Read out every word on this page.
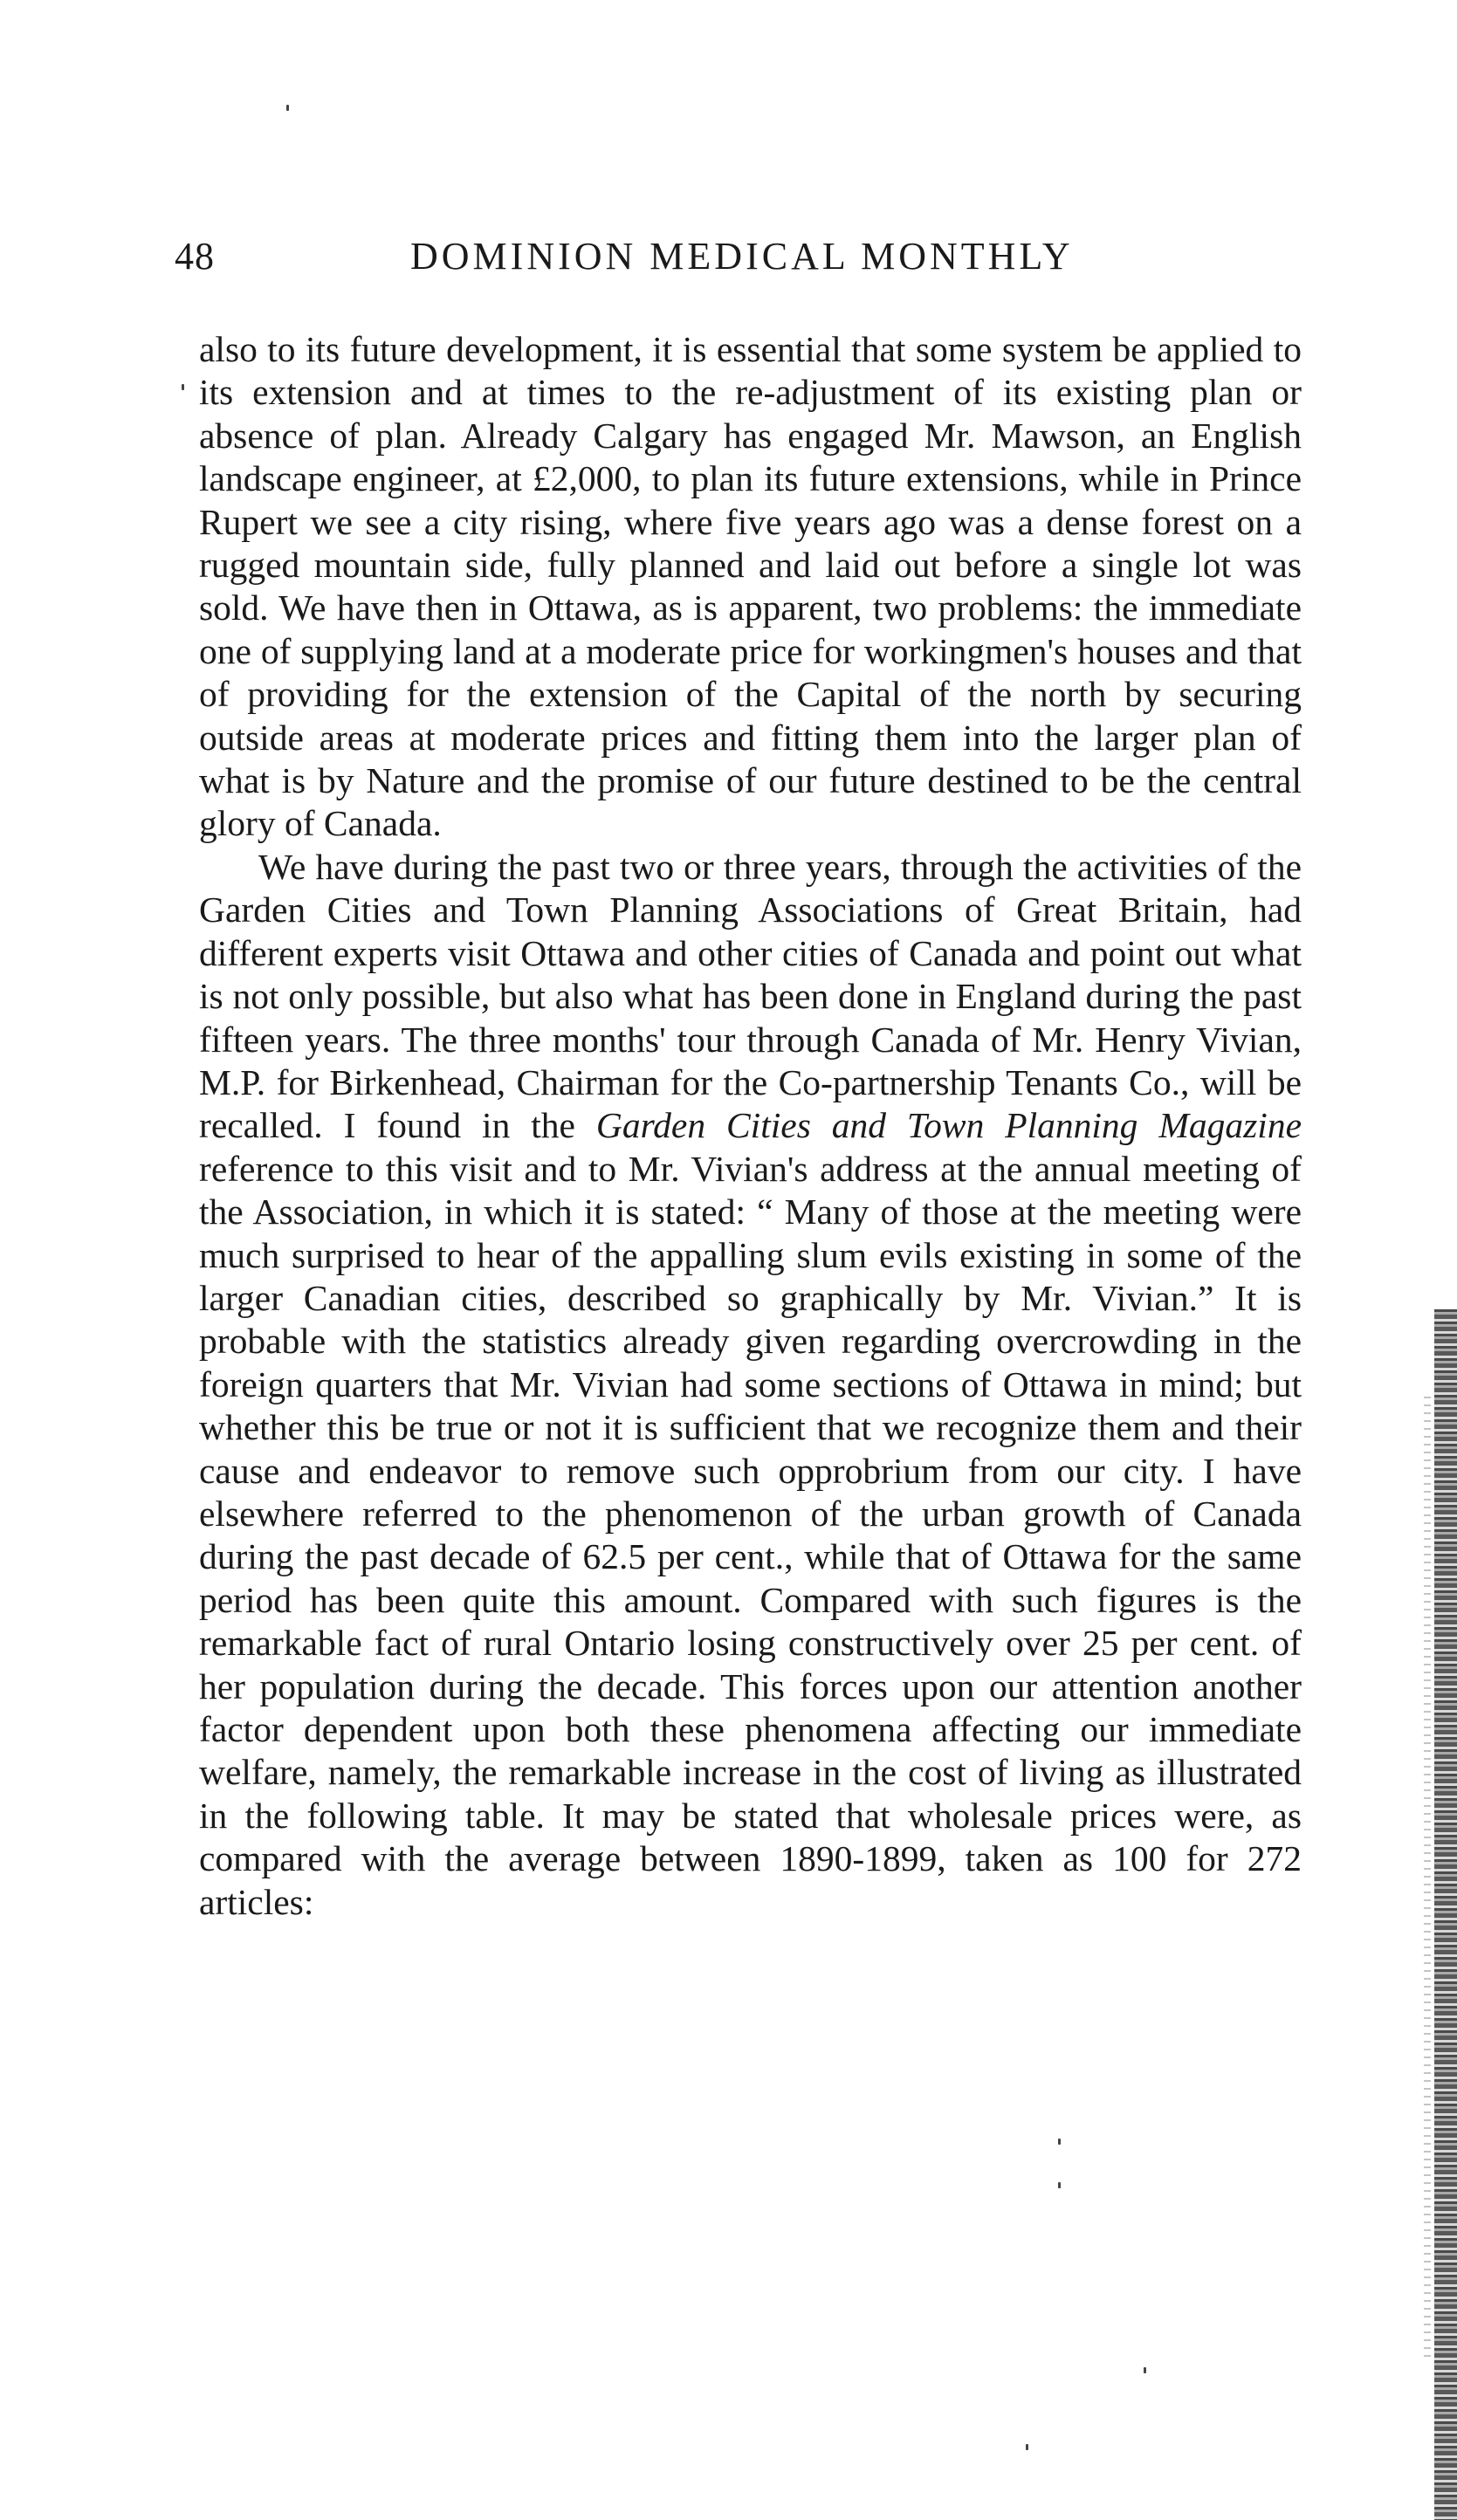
48	DOMINION MEDICAL MONTHLY

also to its future development, it is essential that some system be applied to its extension and at times to the re-adjustment of its existing plan or absence of plan. Already Calgary has engaged Mr. Mawson, an English landscape engineer, at £2,000, to plan its future extensions, while in Prince Rupert we see a city rising, where five years ago was a dense forest on a rugged mountain side, fully planned and laid out before a single lot was sold. We have then in Ottawa, as is apparent, two problems: the immediate one of supplying land at a moderate price for workingmen's houses and that of providing for the extension of the Capital of the north by securing outside areas at moderate prices and fitting them into the larger plan of what is by Nature and the promise of our future destined to be the central glory of Canada.

We have during the past two or three years, through the activities of the Garden Cities and Town Planning Associations of Great Britain, had different experts visit Ottawa and other cities of Canada and point out what is not only possible, but also what has been done in England during the past fifteen years. The three months' tour through Canada of Mr. Henry Vivian, M.P. for Birkenhead, Chairman for the Co-partnership Tenants Co., will be recalled. I found in the Garden Cities and Town Planning Magazine reference to this visit and to Mr. Vivian's address at the annual meeting of the Association, in which it is stated: “ Many of those at the meeting were much surprised to hear of the appalling slum evils existing in some of the larger Canadian cities, described so graphically by Mr. Vivian.” It is probable with the statistics already given regarding overcrowding in the foreign quarters that Mr. Vivian had some sections of Ottawa in mind; but whether this be true or not it is sufficient that we recognize them and their cause and endeavor to remove such opprobrium from our city. I have elsewhere referred to the phenomenon of the urban growth of Canada during the past decade of 62.5 per cent., while that of Ottawa for the same period has been quite this amount. Compared with such figures is the remarkable fact of rural Ontario losing constructively over 25 per cent. of her population during the decade. This forces upon our attention another factor dependent upon both these phenomena affecting our immediate welfare, namely, the remarkable increase in the cost of living as illustrated in the following table. It may be stated that wholesale prices were, as compared with the average between 1890-1899, taken as 100 for 272 articles:
